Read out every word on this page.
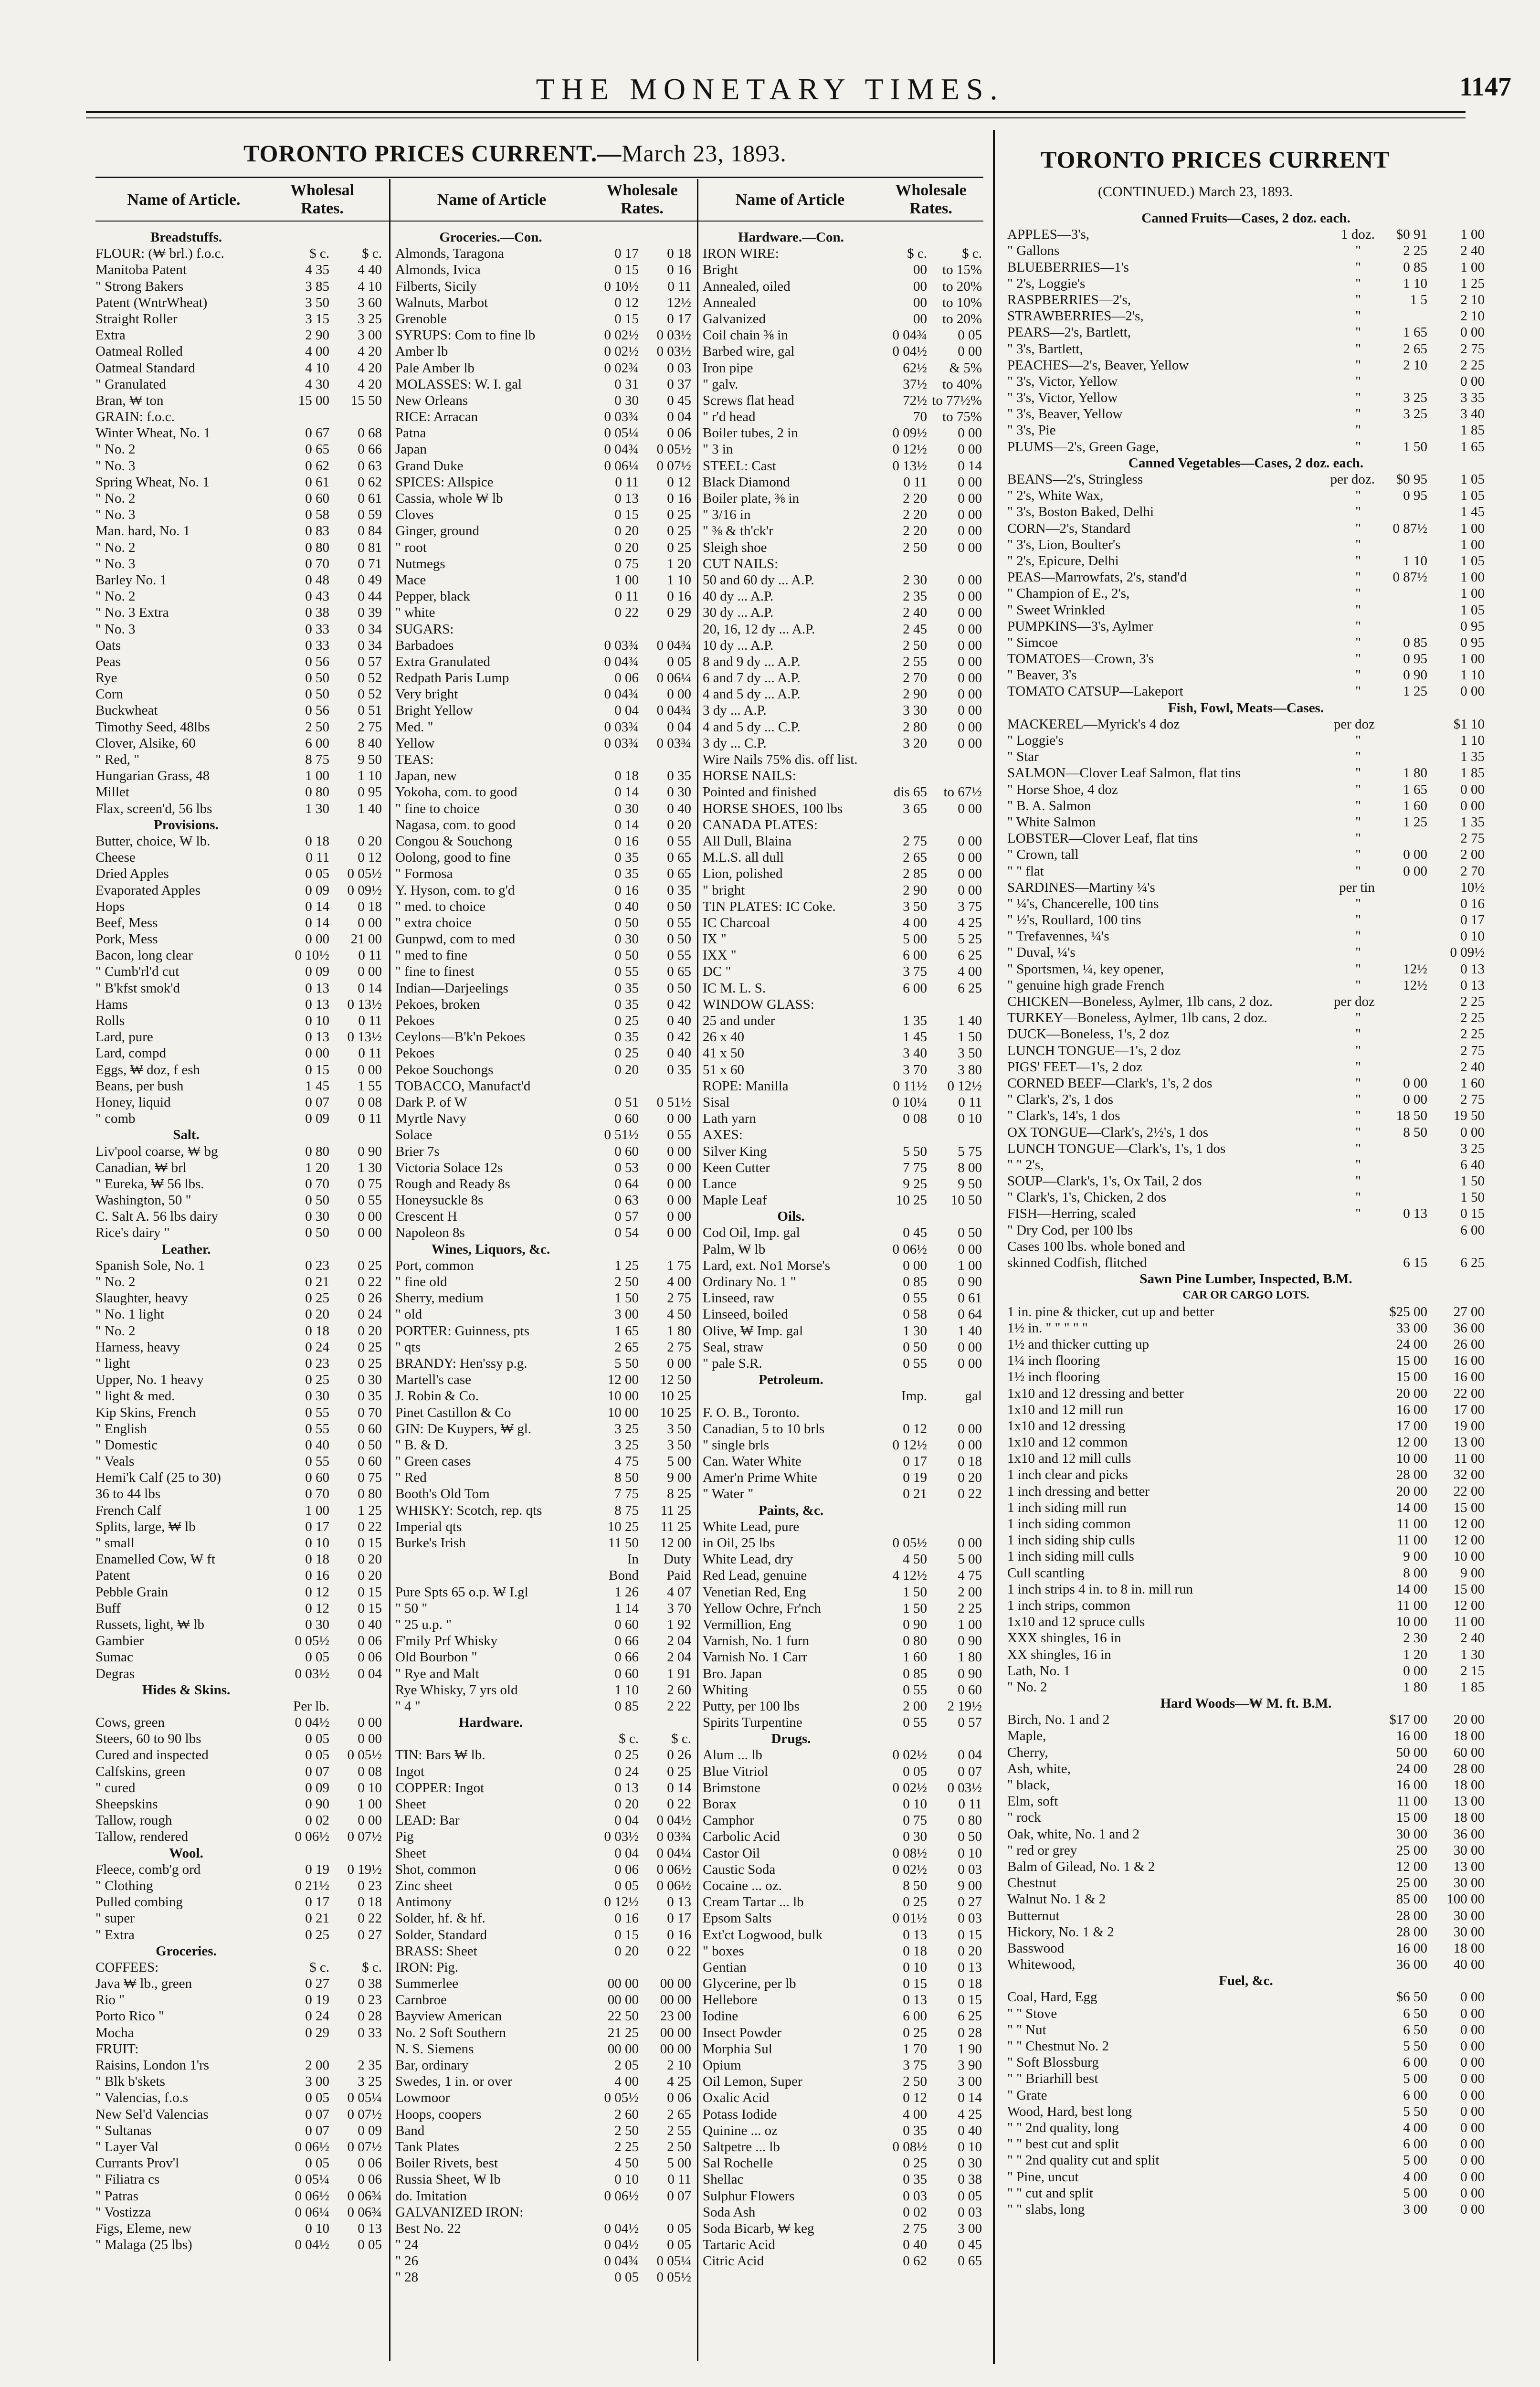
THE MONETARY TIMES.	1147
TORONTO PRICES CURRENT.—March 23, 1893.
Name of Article.
Wholesal Rates.	Name of Article
Wholesale Rates.	Name of Article
Wholesale Rates.
Breadstuffs.
FLOUR: (₩ brl.) f.o.c.	$ c.	$ c.
Manitoba Patent	4 35	4 40
" Strong Bakers	3 85	4 10
Patent (WntrWheat)	3 50	3 60
Straight Roller	3 15	3 25
Extra	2 90	3 00
Oatmeal Rolled	4 00	4 20
Oatmeal Standard	4 10	4 20
" Granulated	4 30	4 20
Bran, ₩ ton	15 00	15 50
GRAIN: f.o.c.
Winter Wheat, No. 1	0 67	0 68
" No. 2	0 65	0 66
" No. 3	0 62	0 63
Spring Wheat, No. 1	0 61	0 62
" No. 2	0 60	0 61
" No. 3	0 58	0 59
Man. hard, No. 1	0 83	0 84
" No. 2	0 80	0 81
" No. 3	0 70	0 71
Barley No. 1	0 48	0 49
" No. 2	0 43	0 44
" No. 3 Extra	0 38	0 39
" No. 3	0 33	0 34
Oats	0 33	0 34
Peas	0 56	0 57
Rye	0 50	0 52
Corn	0 50	0 52
Buckwheat	0 56	0 51
Timothy Seed, 48lbs	2 50	2 75
Clover, Alsike, 60	6 00	8 40
" Red, "	8 75	9 50
Hungarian Grass, 48	1 00	1 10
Millet	0 80	0 95
Flax, screen'd, 56 lbs	1 30	1 40
Provisions.
Butter, choice, ₩ lb.	0 18	0 20
Cheese	0 11	0 12
Dried Apples	0 05	0 05½
Evaporated Apples	0 09	0 09½
Hops	0 14	0 18
Beef, Mess	0 14	0 00
Pork, Mess	0 00	21 00
Bacon, long clear	0 10½	0 11
" Cumb'rl'd cut	0 09	0 00
" B'kfst smok'd	0 13	0 14
Hams	0 13	0 13½
Rolls	0 10	0 11
Lard, pure	0 13	0 13½
Lard, compd	0 00	0 11
Eggs, ₩ doz, f esh	0 15	0 00
Beans, per bush	1 45	1 55
Honey, liquid	0 07	0 08
" comb	0 09	0 11
Salt.
Liv'pool coarse, ₩ bg	0 80	0 90
Canadian, ₩ brl	1 20	1 30
" Eureka, ₩ 56 lbs.	0 70	0 75
Washington, 50 "	0 50	0 55
C. Salt A. 56 lbs dairy	0 30	0 00
Rice's dairy "	0 50	0 00
Leather.
Spanish Sole, No. 1	0 23	0 25
" No. 2	0 21	0 22
Slaughter, heavy	0 25	0 26
" No. 1 light	0 20	0 24
" No. 2	0 18	0 20
Harness, heavy	0 24	0 25
" light	0 23	0 25
Upper, No. 1 heavy	0 25	0 30
" light & med.	0 30	0 35
Kip Skins, French	0 55	0 70
" English	0 55	0 60
" Domestic	0 40	0 50
" Veals	0 55	0 60
Hemi'k Calf (25 to 30)	0 60	0 75
36 to 44 lbs	0 70	0 80
French Calf	1 00	1 25
Splits, large, ₩ lb	0 17	0 22
" small	0 10	0 15
Enamelled Cow, ₩ ft	0 18	0 20
Patent	0 16	0 20
Pebble Grain	0 12	0 15
Buff	0 12	0 15
Russets, light, ₩ lb	0 30	0 40
Gambier	0 05½	0 06
Sumac	0 05	0 06
Degras	0 03½	0 04
Hides & Skins.
Per lb.
Cows, green	0 04½	0 00
Steers, 60 to 90 lbs	0 05	0 00
Cured and inspected	0 05	0 05½
Calfskins, green	0 07	0 08
" cured	0 09	0 10
Sheepskins	0 90	1 00
Tallow, rough	0 02	0 00
Tallow, rendered	0 06½	0 07½
Wool.
Fleece, comb'g ord	0 19	0 19½
" Clothing	0 21½	0 23
Pulled combing	0 17	0 18
" super	0 21	0 22
" Extra	0 25	0 27
Groceries.
COFFEES:	$ c.	$ c.
Java ₩ lb., green	0 27	0 38
Rio "	0 19	0 23
Porto Rico "	0 24	0 28
Mocha	0 29	0 33
FRUIT:
Raisins, London 1'rs	2 00	2 35
" Blk b'skets	3 00	3 25
" Valencias, f.o.s	0 05	0 05¼
New Sel'd Valencias	0 07	0 07½
" Sultanas	0 07	0 09
" Layer Val	0 06½	0 07½
Currants Prov'l	0 05	0 06
" Filiatra cs	0 05¼	0 06
" Patras	0 06½	0 06¾
" Vostizza	0 06¼	0 06¾
Figs, Eleme, new	0 10	0 13
" Malaga (25 lbs)	0 04½	0 05
Groceries.—Con.
Almonds, Taragona	0 17	0 18
Almonds, Ivica	0 15	0 16
Filberts, Sicily	0 10½	0 11
Walnuts, Marbot	0 12	12½
Grenoble	0 15	0 17
SYRUPS: Com to fine lb	0 02½	0 03½
Amber lb	0 02½	0 03½
Pale Amber lb	0 02¾	0 03
MOLASSES: W. I. gal	0 31	0 37
New Orleans	0 30	0 45
RICE: Arracan	0 03¾	0 04
Patna	0 05¼	0 06
Japan	0 04¾	0 05½
Grand Duke	0 06¼	0 07½
SPICES: Allspice	0 11	0 12
Cassia, whole ₩ lb	0 13	0 16
Cloves	0 15	0 25
Ginger, ground	0 20	0 25
" root	0 20	0 25
Nutmegs	0 75	1 20
Mace	1 00	1 10
Pepper, black	0 11	0 16
" white	0 22	0 29
SUGARS:
Barbadoes	0 03¾	0 04¾
Extra Granulated	0 04¾	0 05
Redpath Paris Lump	0 06	0 06¼
Very bright	0 04¾	0 00
Bright Yellow	0 04	0 04¾
Med. "	0 03¾	0 04
Yellow	0 03¾	0 03¾
TEAS:
Japan, new	0 18	0 35
Yokoha, com. to good	0 14	0 30
" fine to choice	0 30	0 40
Nagasa, com. to good	0 14	0 20
Congou & Souchong	0 16	0 55
Oolong, good to fine	0 35	0 65
" Formosa	0 35	0 65
Y. Hyson, com. to g'd	0 16	0 35
" med. to choice	0 40	0 50
" extra choice	0 50	0 55
Gunpwd, com to med	0 30	0 50
" med to fine	0 50	0 55
" fine to finest	0 55	0 65
Indian—Darjeelings	0 35	0 50
Pekoes, broken	0 35	0 42
Pekoes	0 25	0 40
Ceylons—B'k'n Pekoes	0 35	0 42
Pekoes	0 25	0 40
Pekoe Souchongs	0 20	0 35
TOBACCO, Manufact'd
Dark P. of W	0 51	0 51½
Myrtle Navy	0 60	0 00
Solace	0 51½	0 55
Brier 7s	0 60	0 00
Victoria Solace 12s	0 53	0 00
Rough and Ready 8s	0 64	0 00
Honeysuckle 8s	0 63	0 00
Crescent H	0 57	0 00
Napoleon 8s	0 54	0 00
Wines, Liquors, &c.
Port, common	1 25	1 75
" fine old	2 50	4 00
Sherry, medium	1 50	2 75
" old	3 00	4 50
PORTER: Guinness, pts	1 65	1 80
" qts	2 65	2 75
BRANDY: Hen'ssy p.g.	5 50	0 00
Martell's case	12 00	12 50
J. Robin & Co.	10 00	10 25
Pinet Castillon & Co	10 00	10 25
GIN: De Kuypers, ₩ gl.	3 25	3 50
" B. & D.	3 25	3 50
" Green cases	4 75	5 00
" Red	8 50	9 00
Booth's Old Tom	7 75	8 25
WHISKY: Scotch, rep. qts	8 75	11 25
Imperial qts	10 25	11 25
Burke's Irish	11 50	12 00
In	Duty
Bond	Paid
Pure Spts 65 o.p. ₩ I.gl	1 26	4 07
" 50 "	1 14	3 70
" 25 u.p. "	0 60	1 92
F'mily Prf Whisky	0 66	2 04
Old Bourbon "	0 66	2 04
" Rye and Malt	0 60	1 91
Rye Whisky, 7 yrs old	1 10	2 60
" 4 "	0 85	2 22
Hardware.
$ c.	$ c.
TIN: Bars ₩ lb.	0 25	0 26
Ingot	0 24	0 25
COPPER: Ingot	0 13	0 14
Sheet	0 20	0 22
LEAD: Bar	0 04	0 04½
Pig	0 03½	0 03¾
Sheet	0 04	0 04¼
Shot, common	0 06	0 06½
Zinc sheet	0 05	0 06½
Antimony	0 12½	0 13
Solder, hf. & hf.	0 16	0 17
Solder, Standard	0 15	0 16
BRASS: Sheet	0 20	0 22
IRON: Pig.
Summerlee	00 00	00 00
Carnbroe	00 00	00 00
Bayview American	22 50	23 00
No. 2 Soft Southern	21 25	00 00
N. S. Siemens	00 00	00 00
Bar, ordinary	2 05	2 10
Swedes, 1 in. or over	4 00	4 25
Lowmoor	0 05½	0 06
Hoops, coopers	2 60	2 65
Band	2 50	2 55
Tank Plates	2 25	2 50
Boiler Rivets, best	4 50	5 00
Russia Sheet, ₩ lb	0 10	0 11
do. Imitation	0 06½	0 07
GALVANIZED IRON:
Best No. 22	0 04½	0 05
" 24	0 04½	0 05
" 26	0 04¾	0 05¼
" 28	0 05	0 05½
Hardware.—Con.
IRON WIRE:	$ c.	$ c.
Bright	00	to 15%
Annealed, oiled	00	to 20%
Annealed	00	to 10%
Galvanized	00	to 20%
Coil chain ⅜ in	0 04¾	0 05
Barbed wire, gal	0 04½	0 00
Iron pipe	62½	& 5%
" galv.	37½	to 40%
Screws flat head	72½ to 77½%
" r'd head	70	to 75%
Boiler tubes, 2 in	0 09½	0 00
" 3 in	0 12½	0 00
STEEL: Cast	0 13½	0 14
Black Diamond	0 11	0 00
Boiler plate, ⅜ in	2 20	0 00
" 3/16 in	2 20	0 00
" ⅜ & th'ck'r	2 20	0 00
Sleigh shoe	2 50	0 00
CUT NAILS:
50 and 60 dy ... A.P.	2 30	0 00
40 dy ... A.P.	2 35	0 00
30 dy ... A.P.	2 40	0 00
20, 16, 12 dy ... A.P.	2 45	0 00
10 dy ... A.P.	2 50	0 00
8 and 9 dy ... A.P.	2 55	0 00
6 and 7 dy ... A.P.	2 70	0 00
4 and 5 dy ... A.P.	2 90	0 00
3 dy ... A.P.	3 30	0 00
4 and 5 dy ... C.P.	2 80	0 00
3 dy ... C.P.	3 20	0 00
Wire Nails 75% dis. off list.
HORSE NAILS:
Pointed and finished	dis 65	to 67½
HORSE SHOES, 100 lbs	3 65	0 00
CANADA PLATES:
All Dull, Blaina	2 75	0 00
M.L.S. all dull	2 65	0 00
Lion, polished	2 85	0 00
" bright	2 90	0 00
TIN PLATES: IC Coke.	3 50	3 75
IC Charcoal	4 00	4 25
IX "	5 00	5 25
IXX "	6 00	6 25
DC "	3 75	4 00
IC M. L. S.	6 00	6 25
WINDOW GLASS:
25 and under	1 35	1 40
26 x 40	1 45	1 50
41 x 50	3 40	3 50
51 x 60	3 70	3 80
ROPE: Manilla	0 11½	0 12½
Sisal	0 10¼	0 11
Lath yarn	0 08	0 10
AXES:
Silver King	5 50	5 75
Keen Cutter	7 75	8 00
Lance	9 25	9 50
Maple Leaf	10 25	10 50
Oils.
Cod Oil, Imp. gal	0 45	0 50
Palm, ₩ lb	0 06½	0 00
Lard, ext. No1 Morse's	0 00	1 00
Ordinary No. 1 "	0 85	0 90
Linseed, raw	0 55	0 61
Linseed, boiled	0 58	0 64
Olive, ₩ Imp. gal	1 30	1 40
Seal, straw	0 50	0 00
" pale S.R.	0 55	0 00
Petroleum.
Imp.	gal
F. O. B., Toronto.
Canadian, 5 to 10 brls	0 12	0 00
" single brls	0 12½	0 00
Can. Water White	0 17	0 18
Amer'n Prime White	0 19	0 20
" Water "	0 21	0 22
Paints, &c.
White Lead, pure
in Oil, 25 lbs	0 05½	0 00
White Lead, dry	4 50	5 00
Red Lead, genuine	4 12½	4 75
Venetian Red, Eng	1 50	2 00
Yellow Ochre, Fr'nch	1 50	2 25
Vermillion, Eng	0 90	1 00
Varnish, No. 1 furn	0 80	0 90
Varnish No. 1 Carr	1 60	1 80
Bro. Japan	0 85	0 90
Whiting	0 55	0 60
Putty, per 100 lbs	2 00	2 19½
Spirits Turpentine	0 55	0 57
Drugs.
Alum ... lb	0 02½	0 04
Blue Vitriol	0 05	0 07
Brimstone	0 02½	0 03½
Borax	0 10	0 11
Camphor	0 75	0 80
Carbolic Acid	0 30	0 50
Castor Oil	0 08½	0 10
Caustic Soda	0 02½	0 03
Cocaine ... oz.	8 50	9 00
Cream Tartar ... lb	0 25	0 27
Epsom Salts	0 01½	0 03
Ext'ct Logwood, bulk	0 13	0 15
" boxes	0 18	0 20
Gentian	0 10	0 13
Glycerine, per lb	0 15	0 18
Hellebore	0 13	0 15
Iodine	6 00	6 25
Insect Powder	0 25	0 28
Morphia Sul	1 70	1 90
Opium	3 75	3 90
Oil Lemon, Super	2 50	3 00
Oxalic Acid	0 12	0 14
Potass Iodide	4 00	4 25
Quinine ... oz	0 35	0 40
Saltpetre ... lb	0 08½	0 10
Sal Rochelle	0 25	0 30
Shellac	0 35	0 38
Sulphur Flowers	0 03	0 05
Soda Ash	0 02	0 03
Soda Bicarb, ₩ keg	2 75	3 00
Tartaric Acid	0 40	0 45
Citric Acid	0 62	0 65
TORONTO PRICES CURRENT
(CONTINUED.) March 23, 1893.
Canned Fruits—Cases, 2 doz. each.
APPLES—3's,	1 doz.	$0 91	1 00
" Gallons	"	2 25	2 40
BLUEBERRIES—1's	"	0 85	1 00
" 2's, Loggie's	"	1 10	1 25
RASPBERRIES—2's,	"	1 5	2 10
STRAWBERRIES—2's,	"	2 10
PEARS—2's, Bartlett,	"	1 65	0 00
" 3's, Bartlett,	"	2 65	2 75
PEACHES—2's, Beaver, Yellow	"	2 10	2 25
" 3's, Victor, Yellow	"	0 00
" 3's, Victor, Yellow	"	3 25	3 35
" 3's, Beaver, Yellow	"	3 25	3 40
" 3's, Pie	"	1 85
PLUMS—2's, Green Gage,	"	1 50	1 65
Canned Vegetables—Cases, 2 doz. each.
BEANS—2's, Stringless	per doz.	$0 95	1 05
" 2's, White Wax,	"	0 95	1 05
" 3's, Boston Baked, Delhi	"	1 45
CORN—2's, Standard	"	0 87½	1 00
" 3's, Lion, Boulter's	"	1 00
" 2's, Epicure, Delhi	"	1 10	1 05
PEAS—Marrowfats, 2's, stand'd	"	0 87½	1 00
" Champion of E., 2's,	"	1 00
" Sweet Wrinkled	"	1 05
PUMPKINS—3's, Aylmer	"	0 95
" Simcoe	"	0 85	0 95
TOMATOES—Crown, 3's	"	0 95	1 00
" Beaver, 3's	"	0 90	1 10
TOMATO CATSUP—Lakeport	"	1 25	0 00
Fish, Fowl, Meats—Cases.
MACKEREL—Myrick's 4 doz	per doz	$1 10
" Loggie's	"	1 10
" Star	"	1 35
SALMON—Clover Leaf Salmon, flat tins	"	1 80	1 85
" Horse Shoe, 4 doz	"	1 65	0 00
" B. A. Salmon	"	1 60	0 00
" White Salmon	"	1 25	1 35
LOBSTER—Clover Leaf, flat tins	"	2 75
" Crown, tall	"	0 00	2 00
" " flat	"	0 00	2 70
SARDINES—Martiny ¼'s	per tin	10½
" ¼'s, Chancerelle, 100 tins	"	0 16
" ½'s, Roullard, 100 tins	"	0 17
" Trefavennes, ¼'s	"	0 10
" Duval, ¼'s	"	0 09½
" Sportsmen, ¼, key opener,	"	12½	0 13
" genuine high grade French	"	12½	0 13
CHICKEN—Boneless, Aylmer, 1lb cans, 2 doz.	per doz	2 25
TURKEY—Boneless, Aylmer, 1lb cans, 2 doz.	"	2 25
DUCK—Boneless, 1's, 2 doz	"	2 25
LUNCH TONGUE—1's, 2 doz	"	2 75
PIGS' FEET—1's, 2 doz	"	2 40
CORNED BEEF—Clark's, 1's, 2 dos	"	0 00	1 60
" Clark's, 2's, 1 dos	"	0 00	2 75
" Clark's, 14's, 1 dos	"	18 50	19 50
OX TONGUE—Clark's, 2½'s, 1 dos	"	8 50	0 00
LUNCH TONGUE—Clark's, 1's, 1 dos	"	3 25
" " 2's,	"	6 40
SOUP—Clark's, 1's, Ox Tail, 2 dos	"	1 50
" Clark's, 1's, Chicken, 2 dos	"	1 50
FISH—Herring, scaled	"	0 13	0 15
" Dry Cod, per 100 lbs	6 00
Cases 100 lbs. whole boned and
skinned Codfish, flitched	6 15	6 25
Sawn Pine Lumber, Inspected, B.M.
CAR OR CARGO LOTS.
1 in. pine & thicker, cut up and better	$25 00	27 00
1½ in. " " " " "	33 00	36 00
1½ and thicker cutting up	24 00	26 00
1¼ inch flooring	15 00	16 00
1½ inch flooring	15 00	16 00
1x10 and 12 dressing and better	20 00	22 00
1x10 and 12 mill run	16 00	17 00
1x10 and 12 dressing	17 00	19 00
1x10 and 12 common	12 00	13 00
1x10 and 12 mill culls	10 00	11 00
1 inch clear and picks	28 00	32 00
1 inch dressing and better	20 00	22 00
1 inch siding mill run	14 00	15 00
1 inch siding common	11 00	12 00
1 inch siding ship culls	11 00	12 00
1 inch siding mill culls	9 00	10 00
Cull scantling	8 00	9 00
1 inch strips 4 in. to 8 in. mill run	14 00	15 00
1 inch strips, common	11 00	12 00
1x10 and 12 spruce culls	10 00	11 00
XXX shingles, 16 in	2 30	2 40
XX shingles, 16 in	1 20	1 30
Lath, No. 1	0 00	2 15
" No. 2	1 80	1 85
Hard Woods—₩ M. ft. B.M.
Birch, No. 1 and 2	$17 00	20 00
Maple,	16 00	18 00
Cherry,	50 00	60 00
Ash, white,	24 00	28 00
" black,	16 00	18 00
Elm, soft	11 00	13 00
" rock	15 00	18 00
Oak, white, No. 1 and 2	30 00	36 00
" red or grey	25 00	30 00
Balm of Gilead, No. 1 & 2	12 00	13 00
Chestnut	25 00	30 00
Walnut No. 1 & 2	85 00	100 00
Butternut	28 00	30 00
Hickory, No. 1 & 2	28 00	30 00
Basswood	16 00	18 00
Whitewood,	36 00	40 00
Fuel, &c.
Coal, Hard, Egg	$6 50	0 00
" " Stove	6 50	0 00
" " Nut	6 50	0 00
" " Chestnut No. 2	5 50	0 00
" Soft Blossburg	6 00	0 00
" " Briarhill best	5 00	0 00
" Grate	6 00	0 00
Wood, Hard, best long	5 50	0 00
" " 2nd quality, long	4 00	0 00
" " best cut and split	6 00	0 00
" " 2nd quality cut and split	5 00	0 00
" Pine, uncut	4 00	0 00
" " cut and split	5 00	0 00
" " slabs, long	3 00	0 00
